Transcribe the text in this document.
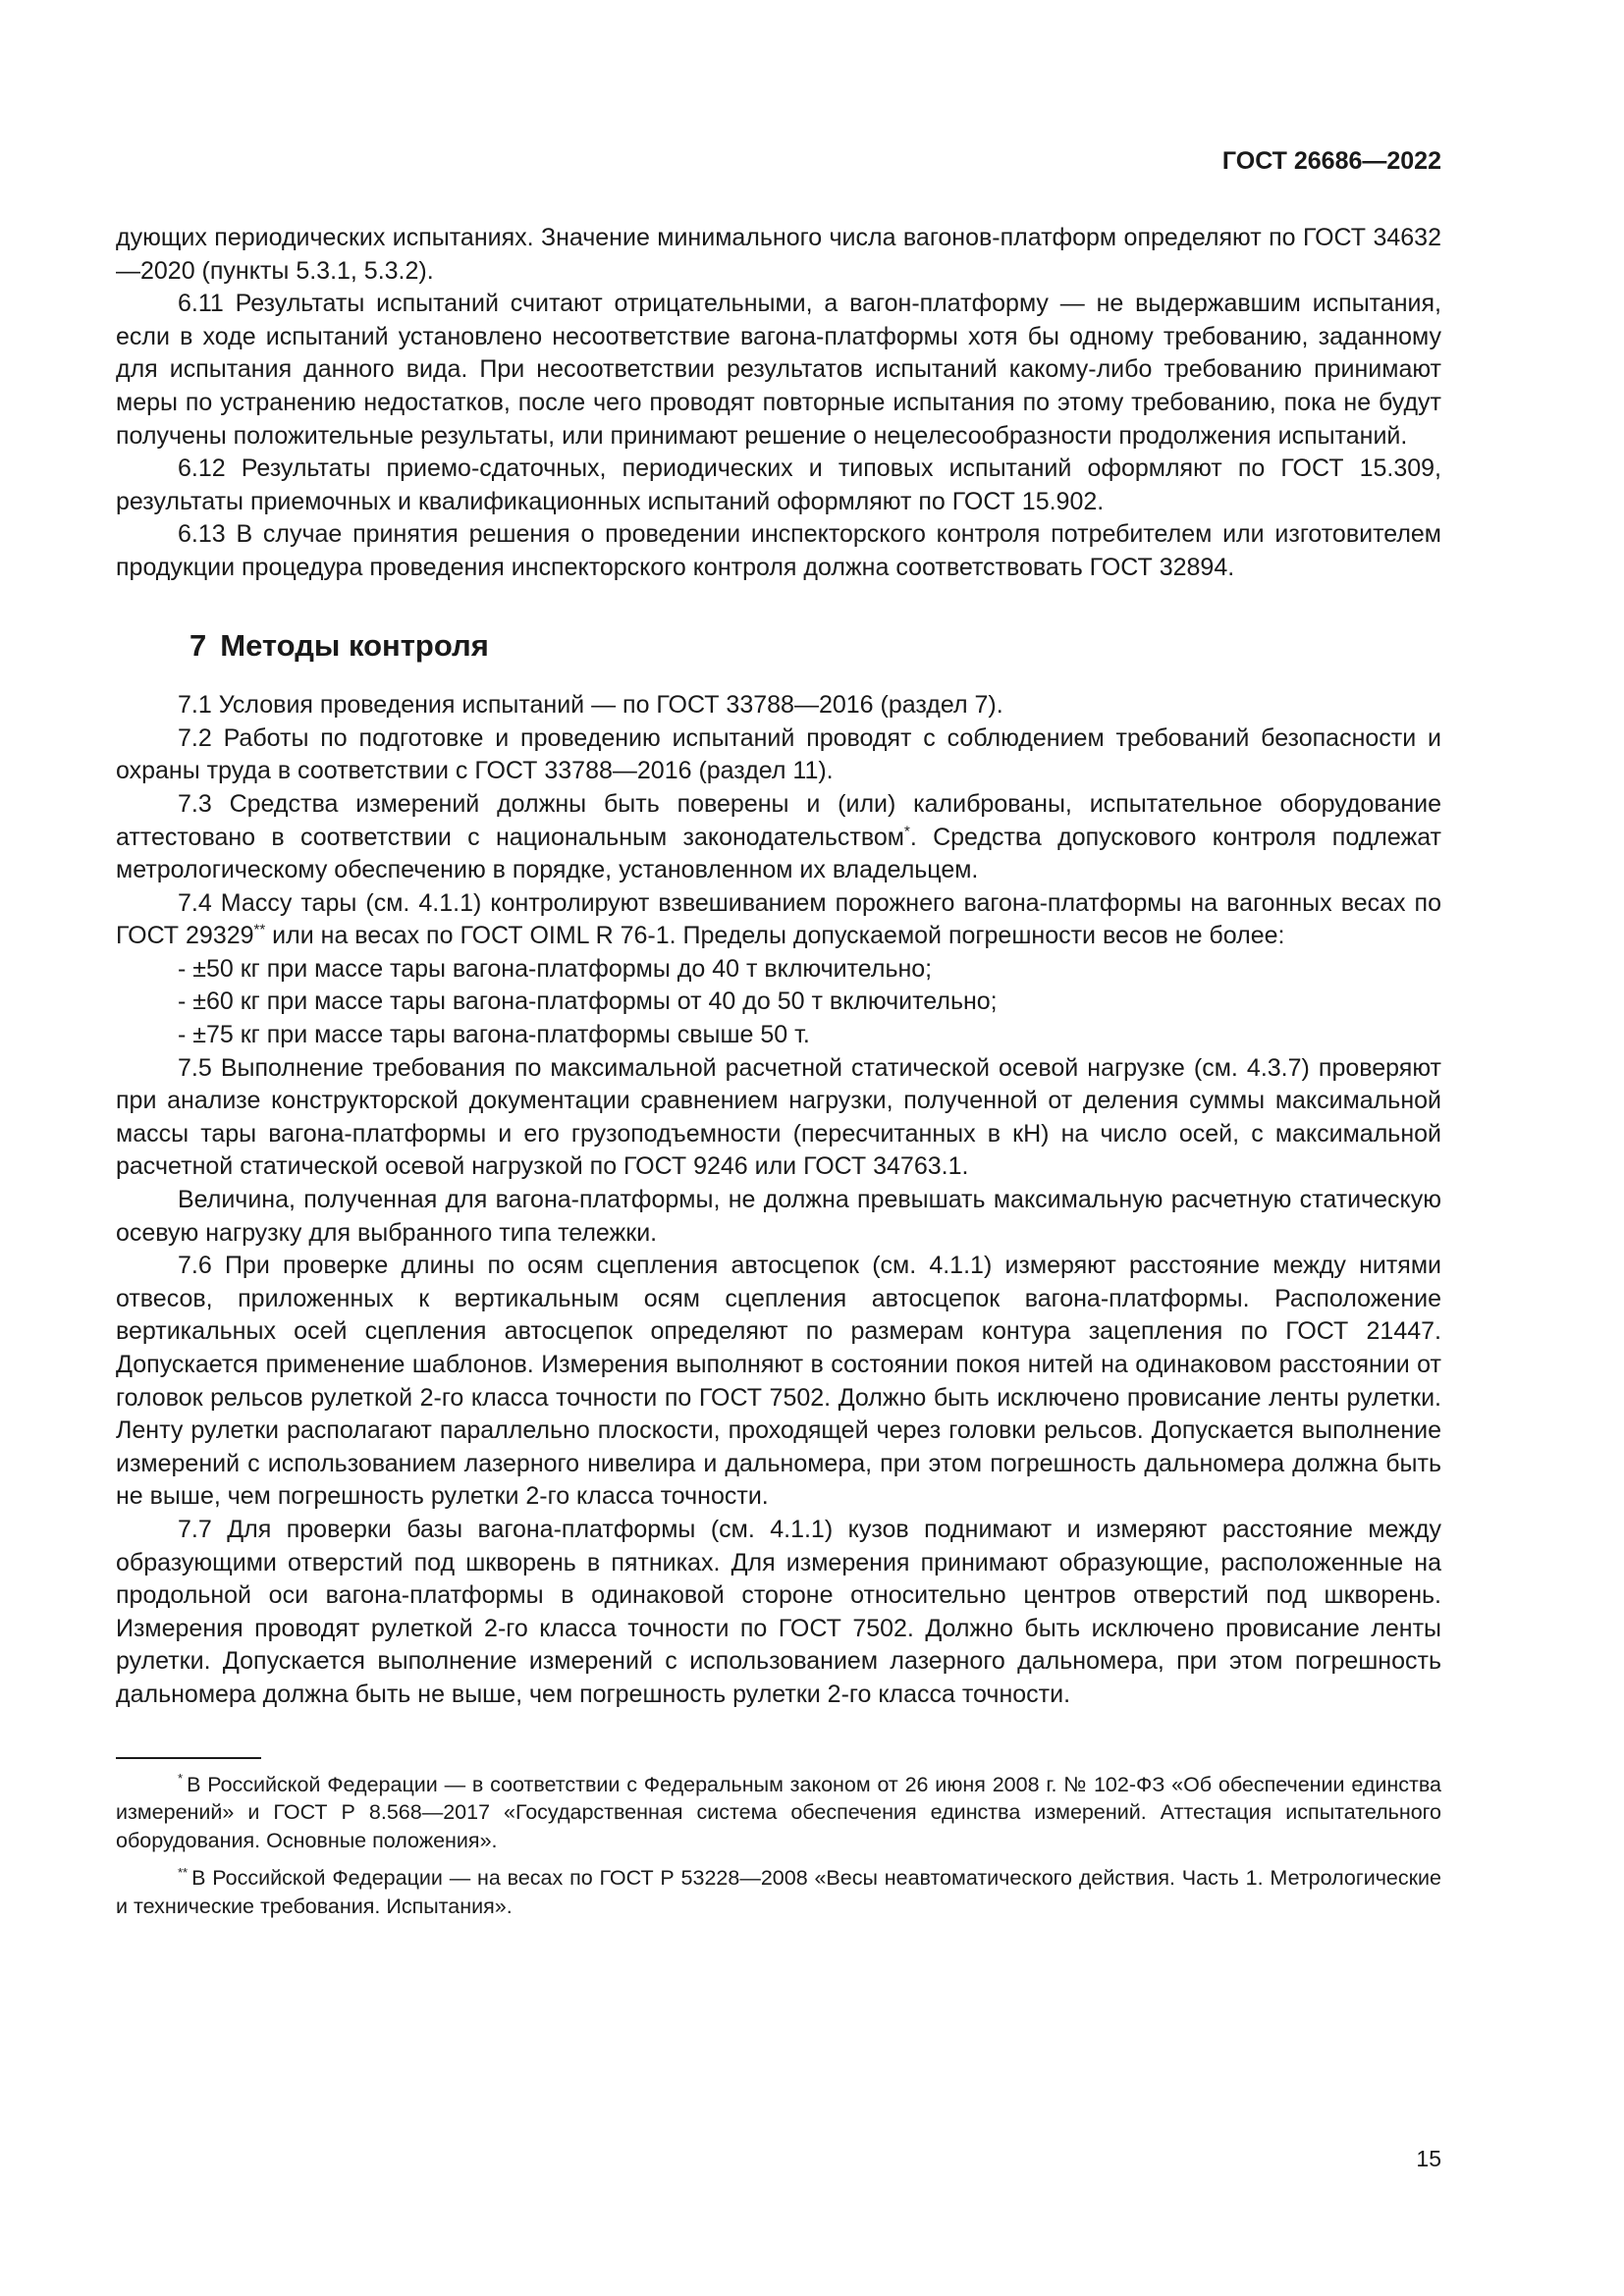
ГОСТ 26686—2022

дующих периодических испытаниях. Значение минимального числа вагонов-платформ определяют по ГОСТ 34632—2020 (пункты 5.3.1, 5.3.2).

6.11 Результаты испытаний считают отрицательными, а вагон-платформу — не выдержавшим испытания, если в ходе испытаний установлено несоответствие вагона-платформы хотя бы одному требованию, заданному для испытания данного вида. При несоответствии результатов испытаний какому-либо требованию принимают меры по устранению недостатков, после чего проводят повторные испытания по этому требованию, пока не будут получены положительные результаты, или принимают решение о нецелесообразности продолжения испытаний.

6.12 Результаты приемо-сдаточных, периодических и типовых испытаний оформляют по ГОСТ 15.309, результаты приемочных и квалификационных испытаний оформляют по ГОСТ 15.902.

6.13 В случае принятия решения о проведении инспекторского контроля потребителем или изготовителем продукции процедура проведения инспекторского контроля должна соответствовать ГОСТ 32894.

7 Методы контроля

7.1 Условия проведения испытаний — по ГОСТ 33788—2016 (раздел 7).

7.2 Работы по подготовке и проведению испытаний проводят с соблюдением требований безопасности и охраны труда в соответствии с ГОСТ 33788—2016 (раздел 11).

7.3 Средства измерений должны быть поверены и (или) калиброваны, испытательное оборудование аттестовано в соответствии с национальным законодательством*. Средства допускового контроля подлежат метрологическому обеспечению в порядке, установленном их владельцем.

7.4 Массу тары (см. 4.1.1) контролируют взвешиванием порожнего вагона-платформы на вагонных весах по ГОСТ 29329** или на весах по ГОСТ OIML R 76-1. Пределы допускаемой погрешности весов не более:

- ±50 кг при массе тары вагона-платформы до 40 т включительно;

- ±60 кг при массе тары вагона-платформы от 40 до 50 т включительно;

- ±75 кг при массе тары вагона-платформы свыше 50 т.

7.5 Выполнение требования по максимальной расчетной статической осевой нагрузке (см. 4.3.7) проверяют при анализе конструкторской документации сравнением нагрузки, полученной от деления суммы максимальной массы тары вагона-платформы и его грузоподъемности (пересчитанных в кН) на число осей, с максимальной расчетной статической осевой нагрузкой по ГОСТ 9246 или ГОСТ 34763.1.

Величина, полученная для вагона-платформы, не должна превышать максимальную расчетную статическую осевую нагрузку для выбранного типа тележки.

7.6 При проверке длины по осям сцепления автосцепок (см. 4.1.1) измеряют расстояние между нитями отвесов, приложенных к вертикальным осям сцепления автосцепок вагона-платформы. Расположение вертикальных осей сцепления автосцепок определяют по размерам контура зацепления по ГОСТ 21447. Допускается применение шаблонов. Измерения выполняют в состоянии покоя нитей на одинаковом расстоянии от головок рельсов рулеткой 2-го класса точности по ГОСТ 7502. Должно быть исключено провисание ленты рулетки. Ленту рулетки располагают параллельно плоскости, проходящей через головки рельсов. Допускается выполнение измерений с использованием лазерного нивелира и дальномера, при этом погрешность дальномера должна быть не выше, чем погрешность рулетки 2-го класса точности.

7.7 Для проверки базы вагона-платформы (см. 4.1.1) кузов поднимают и измеряют расстояние между образующими отверстий под шкворень в пятниках. Для измерения принимают образующие, расположенные на продольной оси вагона-платформы в одинаковой стороне относительно центров отверстий под шкворень. Измерения проводят рулеткой 2-го класса точности по ГОСТ 7502. Должно быть исключено провисание ленты рулетки. Допускается выполнение измерений с использованием лазерного дальномера, при этом погрешность дальномера должна быть не выше, чем погрешность рулетки 2-го класса точности.

* В Российской Федерации — в соответствии с Федеральным законом от 26 июня 2008 г. № 102-ФЗ «Об обеспечении единства измерений» и ГОСТ Р 8.568—2017 «Государственная система обеспечения единства измерений. Аттестация испытательного оборудования. Основные положения».

** В Российской Федерации — на весах по ГОСТ Р 53228—2008 «Весы неавтоматического действия. Часть 1. Метрологические и технические требования. Испытания».

15
